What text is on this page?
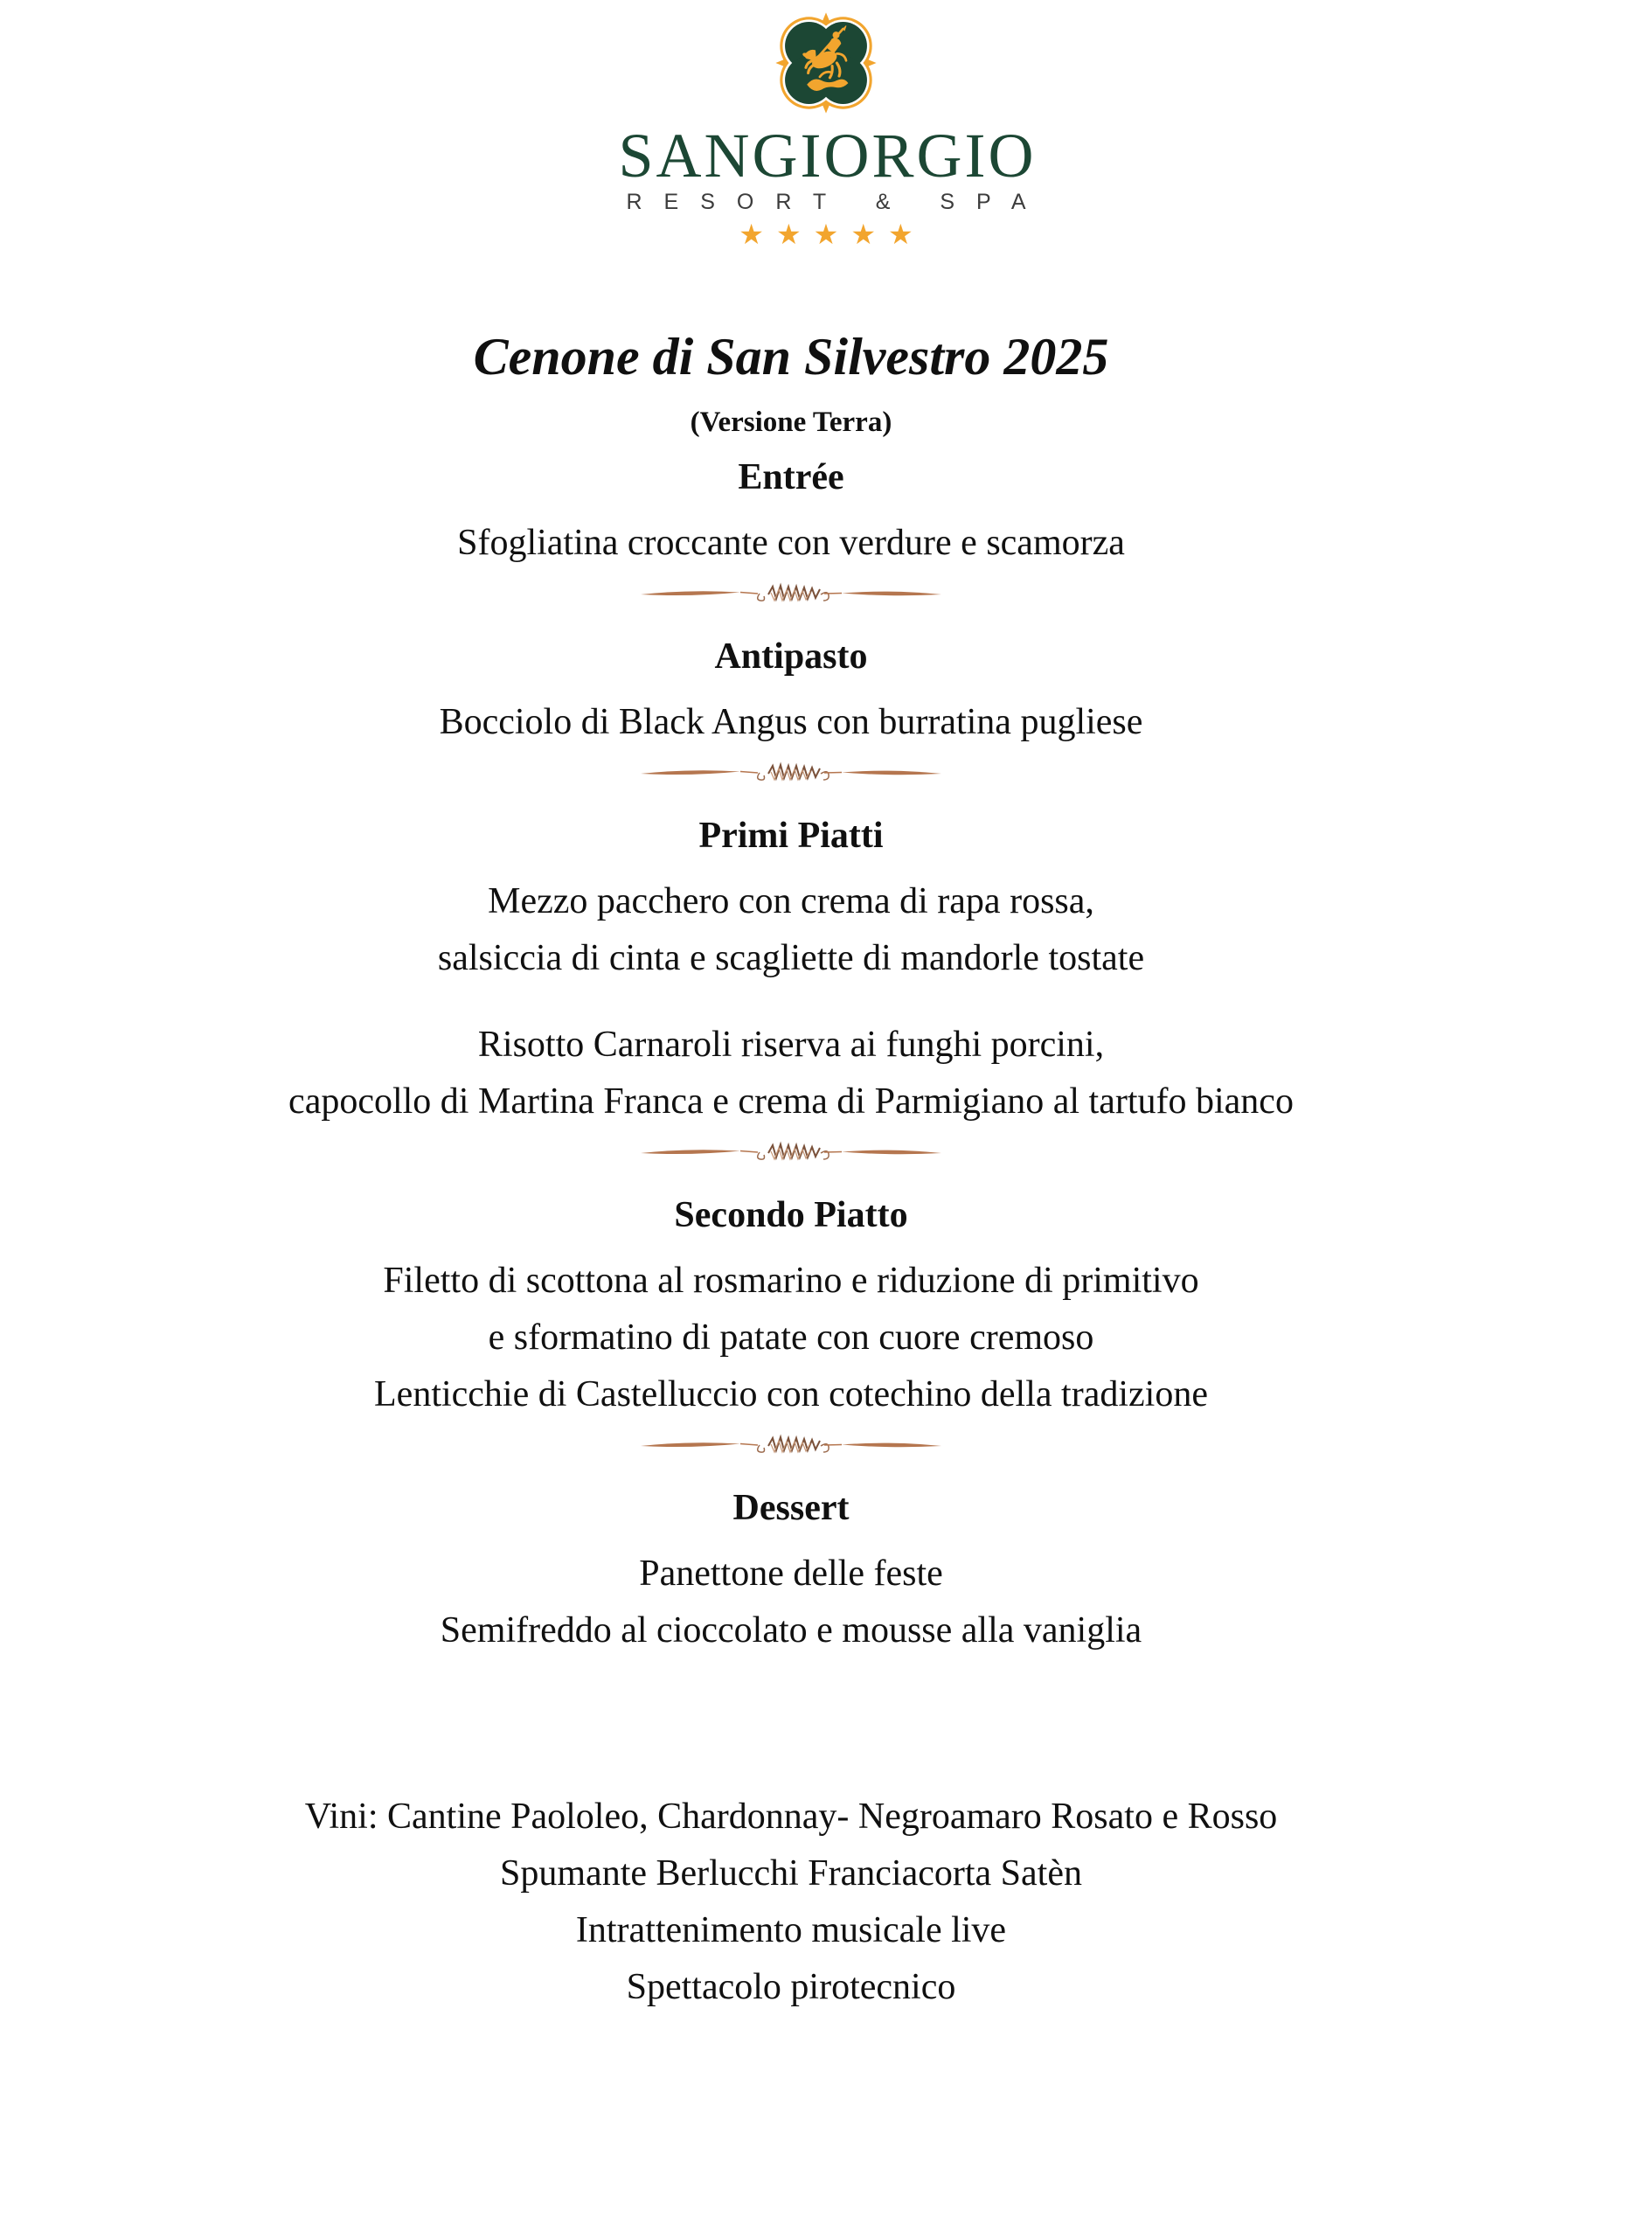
SANGIORGIO
RESORT & SPA
★★★★★
Cenone di San Silvestro 2025
(Versione Terra)
Entrée

Sfogliatina croccante con verdure e scamorza

Antipasto

Bocciolo di Black Angus con burratina pugliese

Primi Piatti

Mezzo pacchero con crema di rapa rossa,

salsiccia di cinta e scagliette di mandorle tostate

Risotto Carnaroli riserva ai funghi porcini,

capocollo di Martina Franca e crema di Parmigiano al tartufo bianco

Secondo Piatto

Filetto di scottona al rosmarino e riduzione di primitivo

e sformatino di patate con cuore cremoso

Lenticchie di Castelluccio con cotechino della tradizione

Dessert

Panettone delle feste

Semifreddo al cioccolato e mousse alla vaniglia

Vini: Cantine Paololeo, Chardonnay- Negroamaro Rosato e Rosso

Spumante Berlucchi Franciacorta Satèn

Intrattenimento musicale live

Spettacolo pirotecnico
